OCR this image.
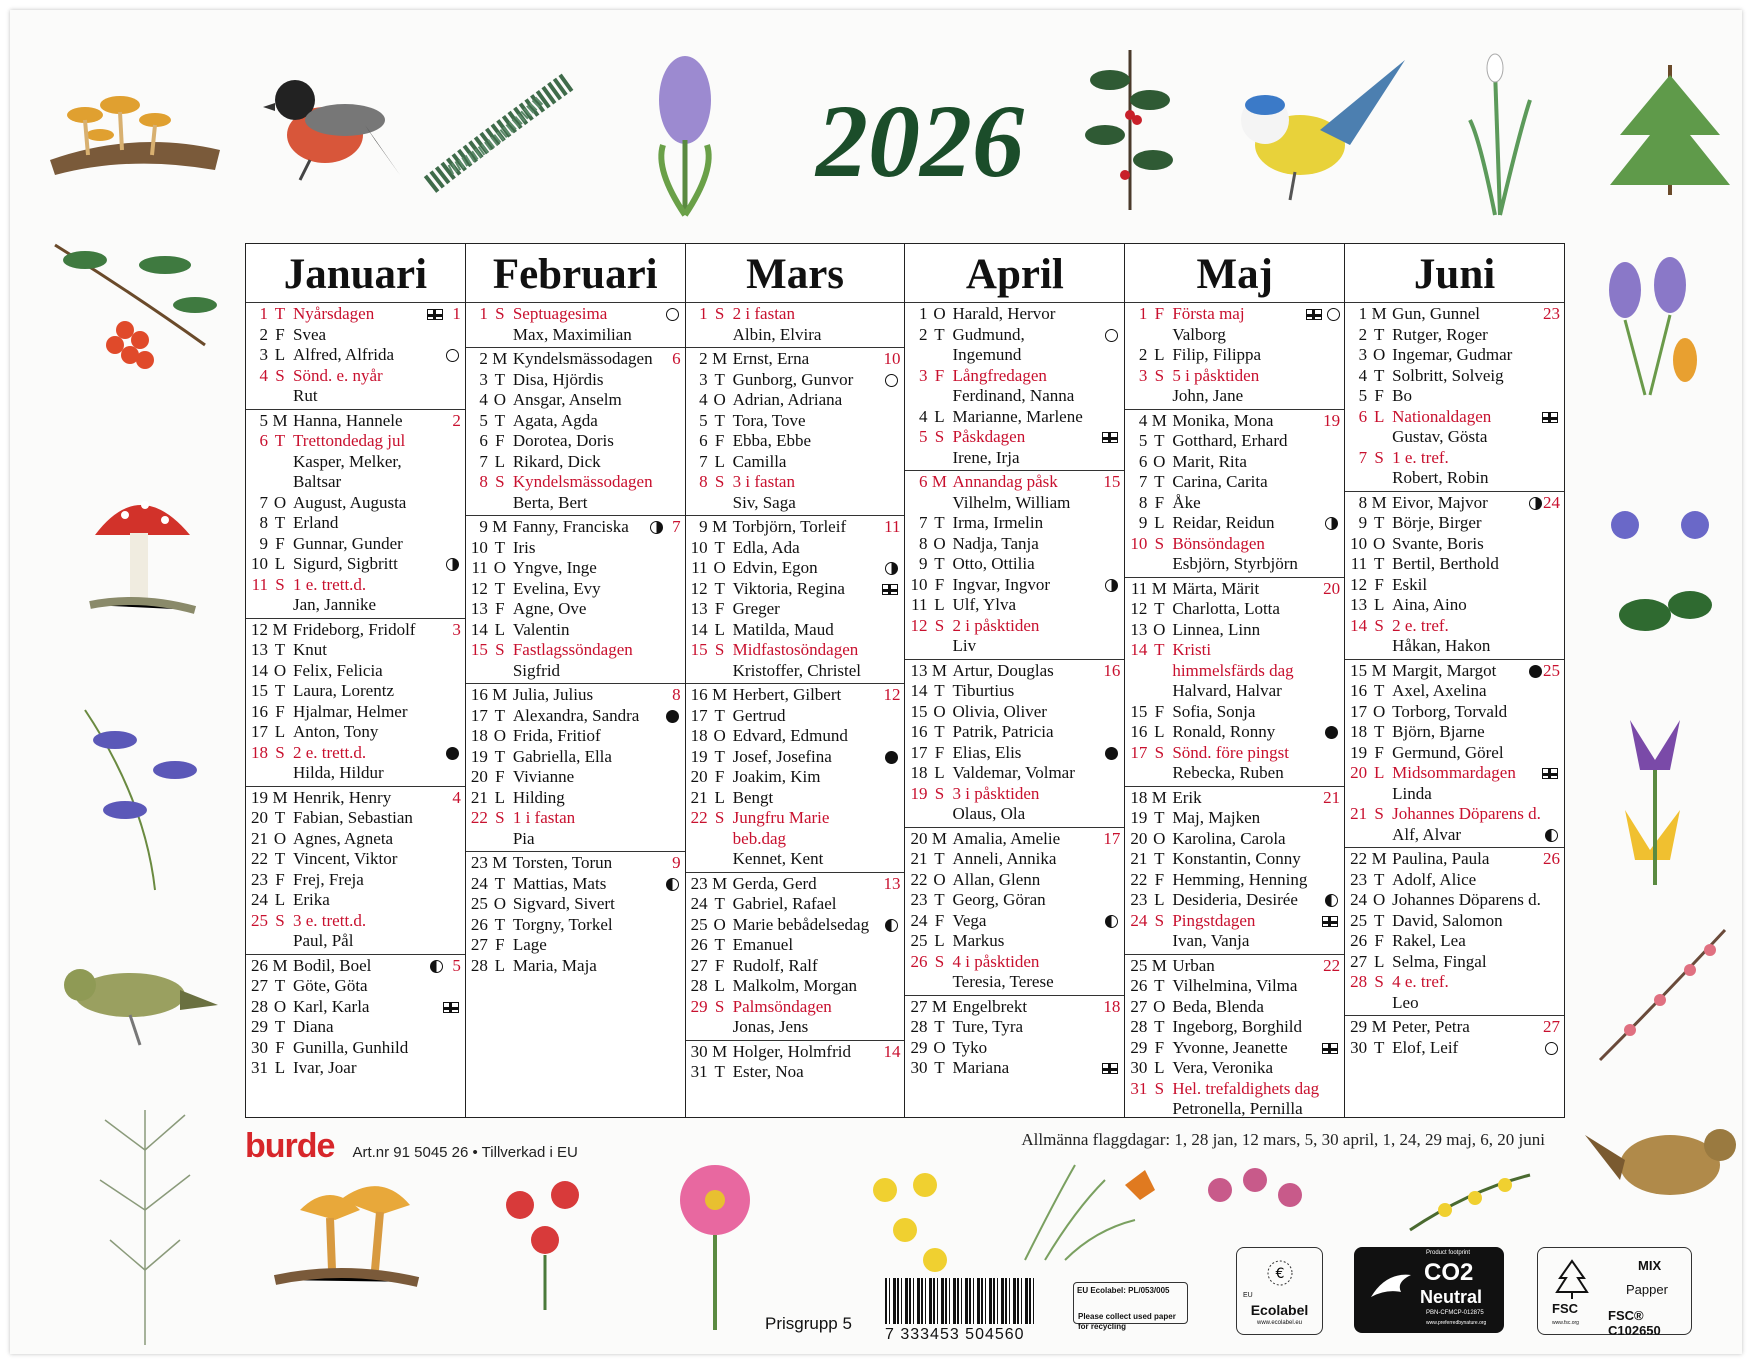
2026
Januari
1
1 T Nyårsdagen
2 F Svea
3 L Alfred, Alfrida
4 S Sönd. e. nyår
Rut
2
5 M Hanna, Hannele
6 T Trettondedag jul
Kasper, Melker,
Baltsar
7 O August, Augusta
8 T Erland
9 F Gunnar, Gunder
10 L Sigurd, Sigbritt
11 S 1 e. trett.d.
Jan, Jannike
3
12 M Frideborg, Fridolf
13 T Knut
14 O Felix, Felicia
15 T Laura, Lorentz
16 F Hjalmar, Helmer
17 L Anton, Tony
18 S 2 e. trett.d.
Hilda, Hildur
4
19 M Henrik, Henry
20 T Fabian, Sebastian
21 O Agnes, Agneta
22 T Vincent, Viktor
23 F Frej, Freja
24 L Erika
25 S 3 e. trett.d.
Paul, Pål
5
26 M Bodil, Boel
27 T Göte, Göta
28 O Karl, Karla
29 T Diana
30 F Gunilla, Gunhild
31 L Ivar, Joar
Februari
1 S Septuagesima
Max, Maximilian
6
2 M Kyndelsmässodagen
3 T Disa, Hjördis
4 O Ansgar, Anselm
5 T Agata, Agda
6 F Dorotea, Doris
7 L Rikard, Dick
8 S Kyndelsmässodagen
Berta, Bert
7
9 M Fanny, Franciska
10 T Iris
11 O Yngve, Inge
12 T Evelina, Evy
13 F Agne, Ove
14 L Valentin
15 S Fastlagssöndagen
Sigfrid
8
16 M Julia, Julius
17 T Alexandra, Sandra
18 O Frida, Fritiof
19 T Gabriella, Ella
20 F Vivianne
21 L Hilding
22 S 1 i fastan
Pia
9
23 M Torsten, Torun
24 T Mattias, Mats
25 O Sigvard, Sivert
26 T Torgny, Torkel
27 F Lage
28 L Maria, Maja
Mars
1 S 2 i fastan
Albin, Elvira
10
2 M Ernst, Erna
3 T Gunborg, Gunvor
4 O Adrian, Adriana
5 T Tora, Tove
6 F Ebba, Ebbe
7 L Camilla
8 S 3 i fastan
Siv, Saga
11
9 M Torbjörn, Torleif
10 T Edla, Ada
11 O Edvin, Egon
12 T Viktoria, Regina
13 F Greger
14 L Matilda, Maud
15 S Midfastosöndagen
Kristoffer, Christel
12
16 M Herbert, Gilbert
17 T Gertrud
18 O Edvard, Edmund
19 T Josef, Josefina
20 F Joakim, Kim
21 L Bengt
22 S Jungfru Marie
beb.dag
Kennet, Kent
13
23 M Gerda, Gerd
24 T Gabriel, Rafael
25 O Marie bebådelsedag
26 T Emanuel
27 F Rudolf, Ralf
28 L Malkolm, Morgan
29 S Palmsöndagen
Jonas, Jens
14
30 M Holger, Holmfrid
31 T Ester, Noa
April
1 O Harald, Hervor
2 T Gudmund,
Ingemund
3 F Långfredagen
Ferdinand, Nanna
4 L Marianne, Marlene
5 S Påskdagen
Irene, Irja
15
6 M Annandag påsk
Vilhelm, William
7 T Irma, Irmelin
8 O Nadja, Tanja
9 T Otto, Ottilia
10 F Ingvar, Ingvor
11 L Ulf, Ylva
12 S 2 i påsktiden
Liv
16
13 M Artur, Douglas
14 T Tiburtius
15 O Olivia, Oliver
16 T Patrik, Patricia
17 F Elias, Elis
18 L Valdemar, Volmar
19 S 3 i påsktiden
Olaus, Ola
17
20 M Amalia, Amelie
21 T Anneli, Annika
22 O Allan, Glenn
23 T Georg, Göran
24 F Vega
25 L Markus
26 S 4 i påsktiden
Teresia, Terese
18
27 M Engelbrekt
28 T Ture, Tyra
29 O Tyko
30 T Mariana
Maj
1 F Första maj
Valborg
2 L Filip, Filippa
3 S 5 i påsktiden
John, Jane
19
4 M Monika, Mona
5 T Gotthard, Erhard
6 O Marit, Rita
7 T Carina, Carita
8 F Åke
9 L Reidar, Reidun
10 S Bönsöndagen
Esbjörn, Styrbjörn
20
11 M Märta, Märit
12 T Charlotta, Lotta
13 O Linnea, Linn
14 T Kristi
himmelsfärds dag
Halvard, Halvar
15 F Sofia, Sonja
16 L Ronald, Ronny
17 S Sönd. före pingst
Rebecka, Ruben
21
18 M Erik
19 T Maj, Majken
20 O Karolina, Carola
21 T Konstantin, Conny
22 F Hemming, Henning
23 L Desideria, Desirée
24 S Pingstdagen
Ivan, Vanja
22
25 M Urban
26 T Vilhelmina, Vilma
27 O Beda, Blenda
28 T Ingeborg, Borghild
29 F Yvonne, Jeanette
30 L Vera, Veronika
31 S Hel. trefaldighets dag
Petronella, Pernilla
Juni
23
1 M Gun, Gunnel
2 T Rutger, Roger
3 O Ingemar, Gudmar
4 T Solbritt, Solveig
5 F Bo
6 L Nationaldagen
Gustav, Gösta
7 S 1 e. tref.
Robert, Robin
24
8 M Eivor, Majvor
9 T Börje, Birger
10 O Svante, Boris
11 T Bertil, Berthold
12 F Eskil
13 L Aina, Aino
14 S 2 e. tref.
Håkan, Hakon
25
15 M Margit, Margot
16 T Axel, Axelina
17 O Torborg, Torvald
18 T Björn, Bjarne
19 F Germund, Görel
20 L Midsommardagen
Linda
21 S Johannes Döparens d.
Alf, Alvar
26
22 M Paulina, Paula
23 T Adolf, Alice
24 O Johannes Döparens d.
25 T David, Salomon
26 F Rakel, Lea
27 L Selma, Fingal
28 S 4 e. tref.
Leo
27
29 M Peter, Petra
30 T Elof, Leif
burde Art.nr 91 5045 26 • Tillverkad i EU
Allmänna flaggdagar: 1, 28 jan, 12 mars, 5, 30 april, 1, 24, 29 maj, 6, 20 juni
Prisgrupp 5
7 333453 504560
EU Ecolabel: PL/053/005
Please collect used paper for recycling
€
EU
Ecolabel
www.ecolabel.eu
Product footprint
CO2
Neutral
PBN-CFMCP-012875
www.preferredbynature.org
FSC
www.fsc.org
MIX
Papper
FSC® C102650
